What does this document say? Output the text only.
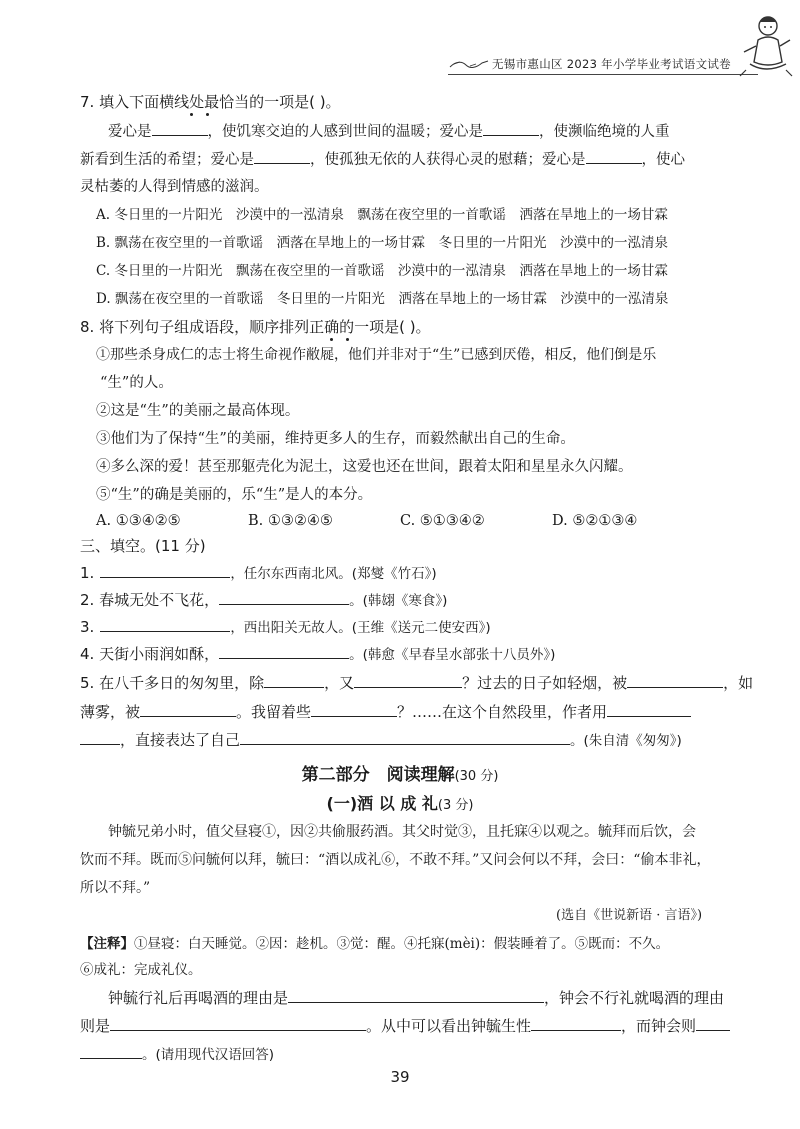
无锡市惠山区 2023 年小学毕业考试语文试卷
7. 填入下面横线处最恰当的一项是( )。
爱心是	，使饥寒交迫的人感到世间的温暖；爱心是	，使濒临绝境的人重
新看到生活的希望；爱心是	，使孤独无依的人获得心灵的慰藉；爱心是	，使心
灵枯萎的人得到情感的滋润。
A. 冬日里的一片阳光　沙漠中的一泓清泉　飘荡在夜空里的一首歌谣　洒落在旱地上的一场甘霖
B. 飘荡在夜空里的一首歌谣　洒落在旱地上的一场甘霖　冬日里的一片阳光　沙漠中的一泓清泉
C. 冬日里的一片阳光　飘荡在夜空里的一首歌谣　沙漠中的一泓清泉　洒落在旱地上的一场甘霖
D. 飘荡在夜空里的一首歌谣　冬日里的一片阳光　洒落在旱地上的一场甘霖　沙漠中的一泓清泉
8. 将下列句子组成语段，顺序排列正确的一项是( )。
①那些杀身成仁的志士将生命视作敝屣，他们并非对于“生”已感到厌倦，相反，他们倒是乐
“生”的人。
②这是“生”的美丽之最高体现。
③他们为了保持“生”的美丽，维持更多人的生存，而毅然献出自己的生命。
④多么深的爱！甚至那躯壳化为泥土，这爱也还在世间，跟着太阳和星星永久闪耀。
⑤“生”的确是美丽的，乐“生”是人的本分。
A. ①③④②⑤	B. ①③②④⑤	C. ⑤①③④②	D. ⑤②①③④
三、填空。(11 分)
1.	，任尔东西南北风。(郑燮《竹石》)
2. 春城无处不飞花，	。(韩翃《寒食》)
3.	，西出阳关无故人。(王维《送元二使安西》)
4. 天街小雨润如酥，	。(韩愈《早春呈水部张十八员外》)
5. 在八千多日的匆匆里，除	，又	？过去的日子如轻烟，被	，如
薄雾，被	。我留着些	？……在这个自然段里，作者用
，直接表达了自己	。(朱自清《匆匆》)
第二部分　阅读理解(30 分)
(一)酒 以 成 礼(3 分)
钟毓兄弟小时，值父昼寝①，因②共偷服药酒。其父时觉③，且托寐④以观之。毓拜而后饮，会
饮而不拜。既而⑤问毓何以拜，毓曰：“酒以成礼⑥，不敢不拜。”又问会何以不拜，会曰：“偷本非礼，
所以不拜。”
(选自《世说新语 · 言语》)
【注释】①昼寝：白天睡觉。②因：趁机。③觉：醒。④托寐(mèi)：假装睡着了。⑤既而：不久。
⑥成礼：完成礼仪。
钟毓行礼后再喝酒的理由是	，钟会不行礼就喝酒的理由
则是	。从中可以看出钟毓生性	，而钟会则
。(请用现代汉语回答)
39
